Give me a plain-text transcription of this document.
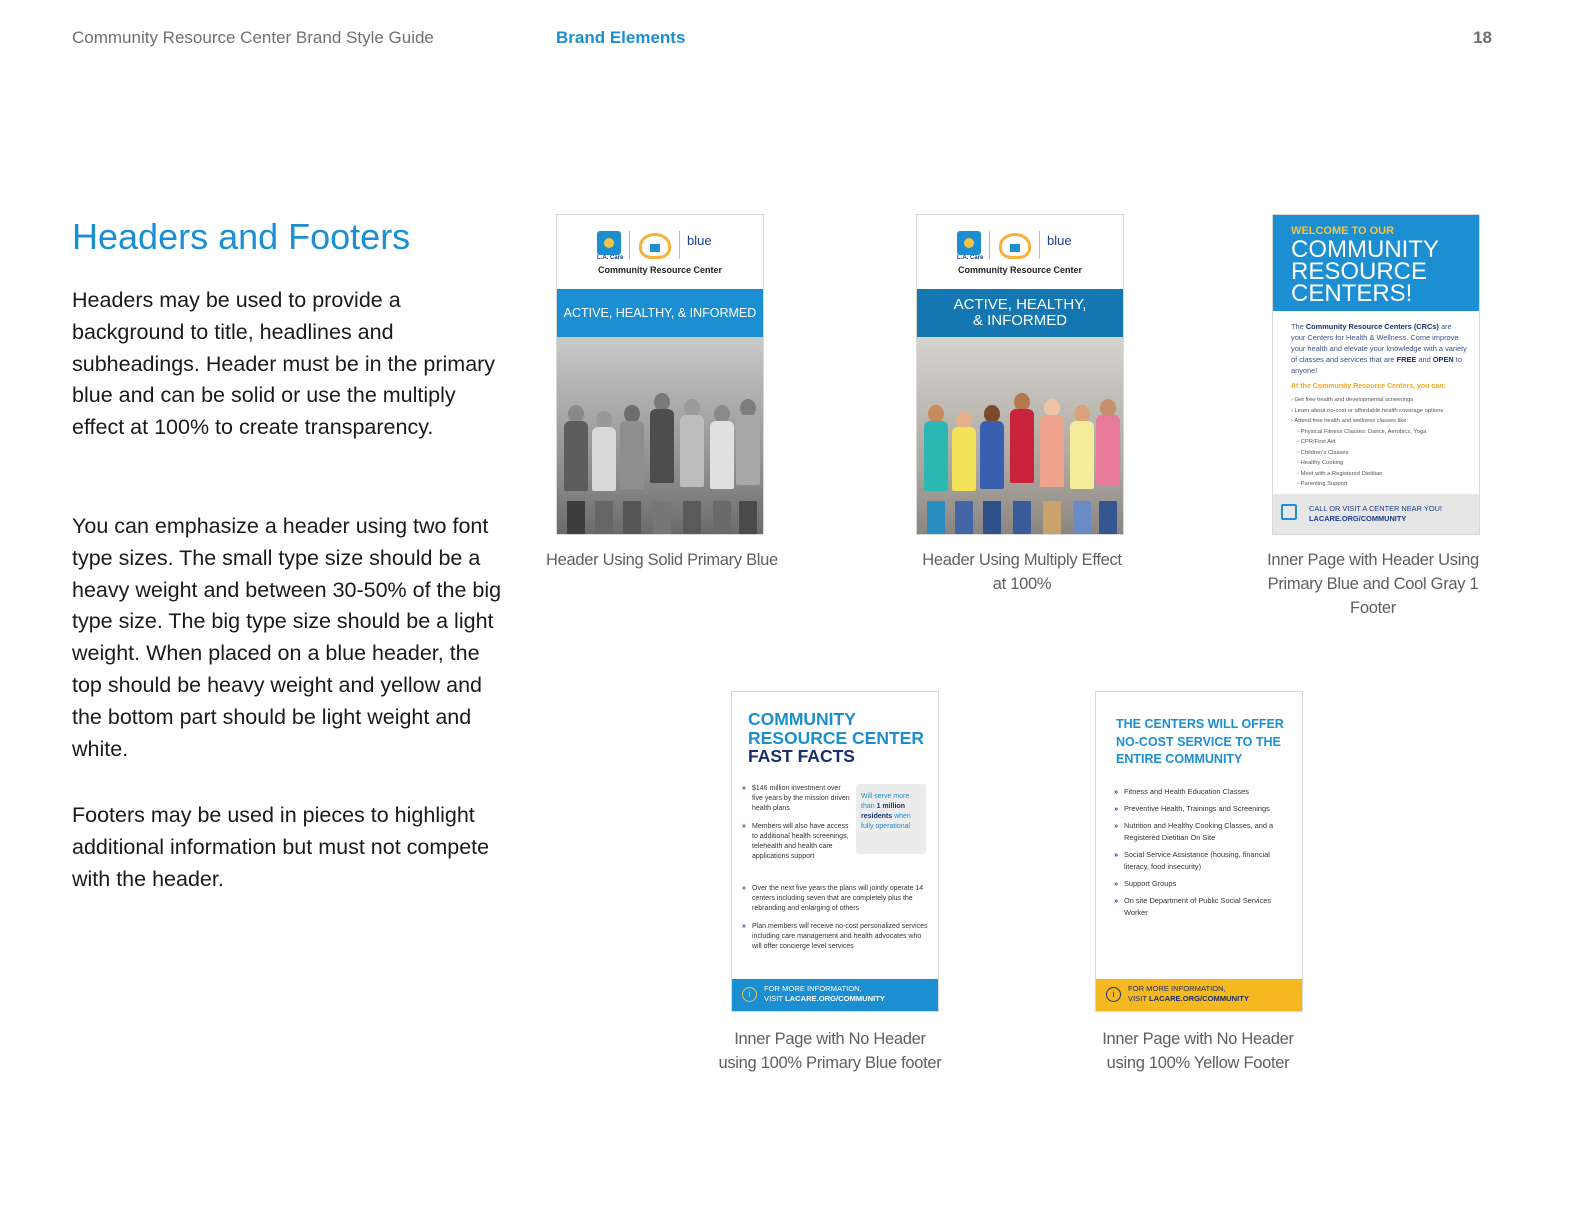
Community Resource Center Brand Style Guide	Brand Elements	18
Headers and Footers

Headers may be used to provide a background to title, headlines and subheadings. Header must be in the primary blue and can be solid or use the multiply effect at 100% to create transparency.

You can emphasize a header using two font type sizes. The small type size should be a heavy weight and between 30-50% of the big type size. The big type size should be a light weight. When placed on a blue header, the top should be heavy weight and yellow and the bottom part should be light weight and white.

Footers may be used in pieces to highlight additional information but must not compete with the header.

L.A. Care
blue
Community Resource Center
ACTIVE, HEALTHY, & INFORMED
Header Using Solid Primary Blue
L.A. Care
blue
Community Resource Center
ACTIVE, HEALTHY,
& INFORMED
Header Using Multiply Effect
at 100%
WELCOME TO OUR
COMMUNITY
RESOURCE
CENTERS!
The Community Resource Centers (CRCs) are your Centers for Health & Wellness. Come improve your health and elevate your knowledge with a variety of classes and services that are FREE and OPEN to anyone!
At the Community Resource Centers, you can:
› Get free health and developmental screenings
› Learn about no-cost or affordable health coverage options
› Attend free health and wellness classes like:
◦ Physical Fitness Classes: Dance, Aerobics, Yoga
◦ CPR/First Aid
◦ Children's Classes
◦ Healthy Cooking
◦ Meet with a Registered Dietitian
◦ Parenting Support
CALL OR VISIT A CENTER NEAR YOU!
LACARE.ORG/COMMUNITY
Inner Page with Header Using
Primary Blue and Cool Gray 1 Footer
COMMUNITY
RESOURCE CENTER
FAST FACTS
» $146 million investment over five years by the mission driven health plans
» Members will also have access to additional health screenings, telehealth and health care applications support
Will serve more than 1 million residents when fully operational
» Over the next five years the plans will jointly operate 14 centers including seven that are completely plus the rebranding and enlarging of others
» Plan members will receive no-cost personalized services including care management and health advocates who will offer concierge level services
i
FOR MORE INFORMATION,
VISIT LACARE.ORG/COMMUNITY
Inner Page with No Header
using 100% Primary Blue footer
THE CENTERS WILL OFFER NO-COST SERVICE TO THE ENTIRE COMMUNITY
» Fitness and Health Education Classes
» Preventive Health, Trainings and Screenings
» Nutrition and Healthy Cooking Classes, and a Registered Dietitian On Site
» Social Service Assistance (housing, financial literacy, food insecurity)
» Support Groups
» On site Department of Public Social Services Worker
i
FOR MORE INFORMATION,
VISIT LACARE.ORG/COMMUNITY
Inner Page with No Header
using 100% Yellow Footer
